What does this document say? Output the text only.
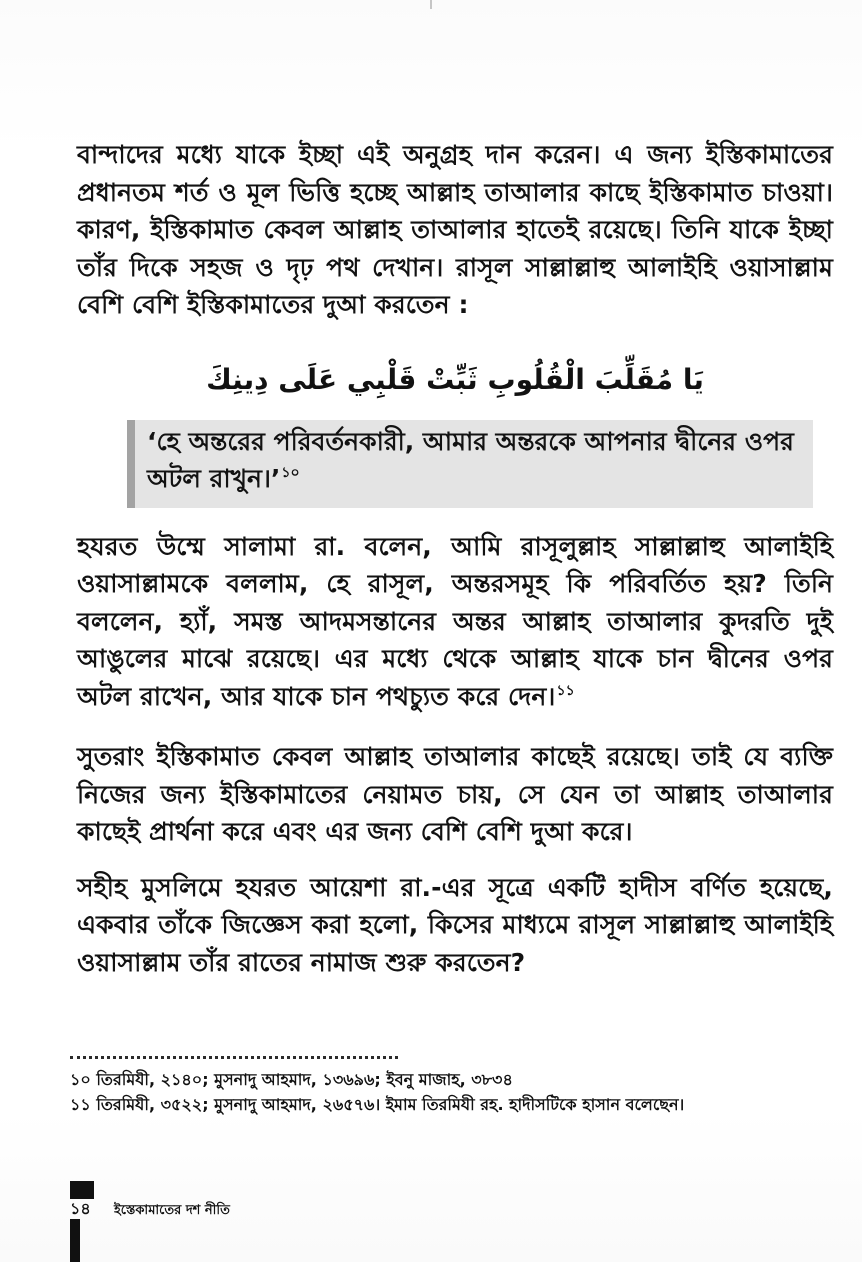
বান্দাদের মধ্যে যাকে ইচ্ছা এই অনুগ্রহ দান করেন। এ জন্য ইস্তিকামাতের প্রধানতম শর্ত ও মূল ভিত্তি হচ্ছে আল্লাহ তাআলার কাছে ইস্তিকামাত চাওয়া। কারণ, ইস্তিকামাত কেবল আল্লাহ তাআলার হাতেই রয়েছে। তিনি যাকে ইচ্ছা তাঁর দিকে সহজ ও দৃঢ় পথ দেখান। রাসূল সাল্লাল্লাহু আলাইহি ওয়াসাল্লাম বেশি বেশি ইস্তিকামাতের দুআ করতেন :

يَا مُقَلِّبَ الْقُلُوبِ ثَبِّتْ قَلْبِي عَلَى دِينِكَ

‘হে অন্তরের পরিবর্তনকারী, আমার অন্তরকে আপনার দ্বীনের ওপর অটল রাখুন।’$^{১০}$

হযরত উম্মে সালামা রা. বলেন, আমি রাসূলুল্লাহ সাল্লাল্লাহু আলাইহি ওয়াসাল্লামকে বললাম, হে রাসূল, অন্তরসমূহ কি পরিবর্তিত হয়? তিনি বললেন, হ্যাঁ, সমস্ত আদমসন্তানের অন্তর আল্লাহ তাআলার কুদরতি দুই আঙুলের মাঝে রয়েছে। এর মধ্যে থেকে আল্লাহ যাকে চান দ্বীনের ওপর অটল রাখেন, আর যাকে চান পথচ্যুত করে দেন।$^{১১}$

সুতরাং ইস্তিকামাত কেবল আল্লাহ তাআলার কাছেই রয়েছে। তাই যে ব্যক্তি নিজের জন্য ইস্তিকামাতের নেয়ামত চায়, সে যেন তা আল্লাহ তাআলার কাছেই প্রার্থনা করে এবং এর জন্য বেশি বেশি দুআ করে।

সহীহ মুসলিমে হযরত আয়েশা রা.-এর সূত্রে একটি হাদীস বর্ণিত হয়েছে, একবার তাঁকে জিজ্ঞেস করা হলো, কিসের মাধ্যমে রাসূল সাল্লাল্লাহু আলাইহি ওয়াসাল্লাম তাঁর রাতের নামাজ শুরু করতেন?

১০ তিরমিযী, ২১৪০; মুসনাদু আহমাদ, ১৩৬৯৬; ইবনু মাজাহ, ৩৮৩৪

১১ তিরমিযী, ৩৫২২; মুসনাদু আহমাদ, ২৬৫৭৬। ইমাম তিরমিযী রহ. হাদীসটিকে হাসান বলেছেন।

১৪	ইস্তেকামাতের দশ নীতি
